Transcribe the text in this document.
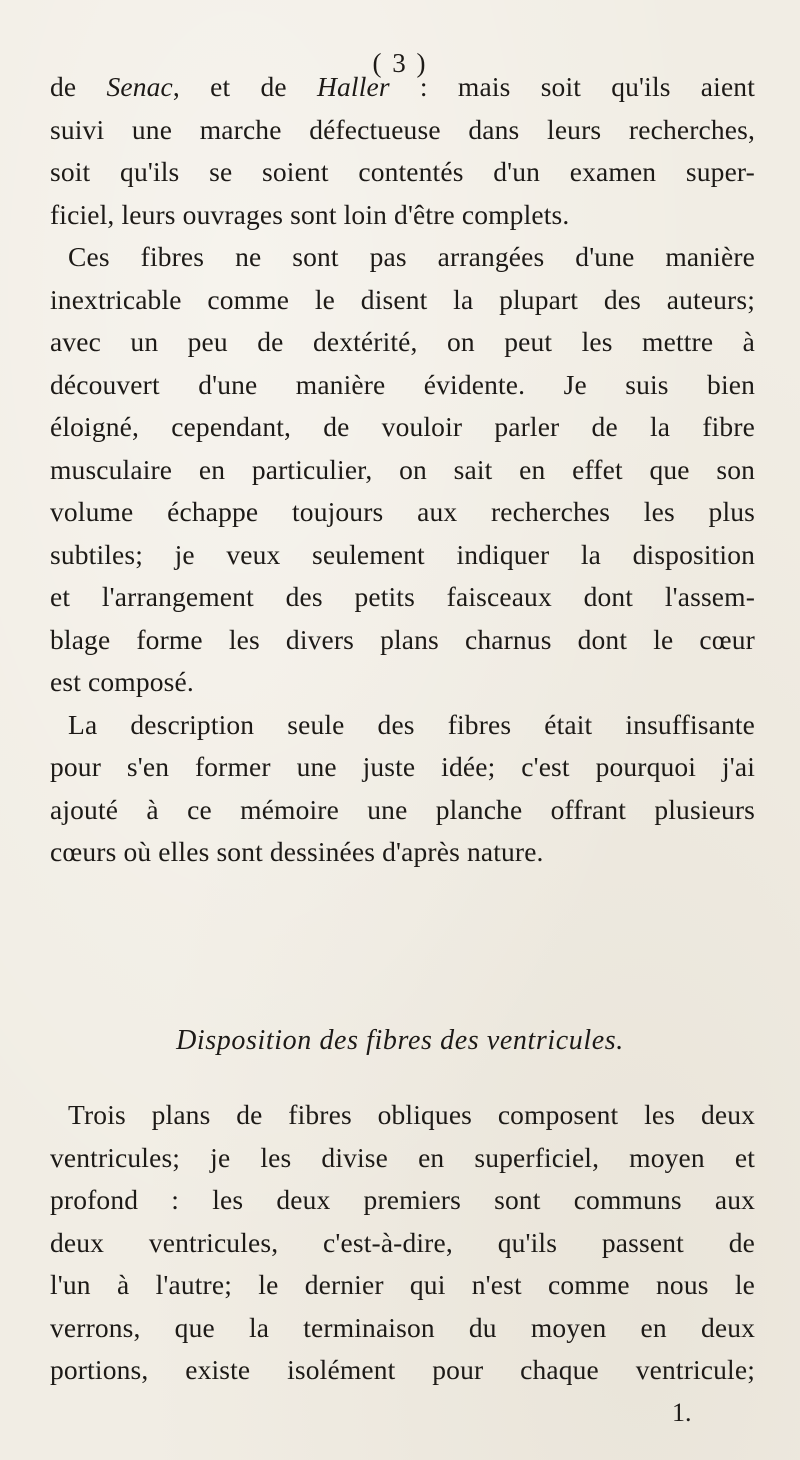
( 3 )
de Senac, et de Haller : mais soit qu'ils aient
suivi une marche défectueuse dans leurs recherches,
soit qu'ils se soient contentés d'un examen super-
ficiel, leurs ouvrages sont loin d'être complets.
Ces fibres ne sont pas arrangées d'une manière
inextricable comme le disent la plupart des auteurs;
avec un peu de dextérité, on peut les mettre à
découvert d'une manière évidente. Je suis bien
éloigné, cependant, de vouloir parler de la fibre
musculaire en particulier, on sait en effet que son
volume échappe toujours aux recherches les plus
subtiles; je veux seulement indiquer la disposition
et l'arrangement des petits faisceaux dont l'assem-
blage forme les divers plans charnus dont le cœur
est composé.
La description seule des fibres était insuffisante
pour s'en former une juste idée; c'est pourquoi j'ai
ajouté à ce mémoire une planche offrant plusieurs
cœurs où elles sont dessinées d'après nature.
Disposition des fibres des ventricules.
Trois plans de fibres obliques composent les deux
ventricules; je les divise en superficiel, moyen et
profond : les deux premiers sont communs aux
deux ventricules, c'est-à-dire, qu'ils passent de
l'un à l'autre; le dernier qui n'est comme nous le
verrons, que la terminaison du moyen en deux
portions, existe isolément pour chaque ventricule;
1.
